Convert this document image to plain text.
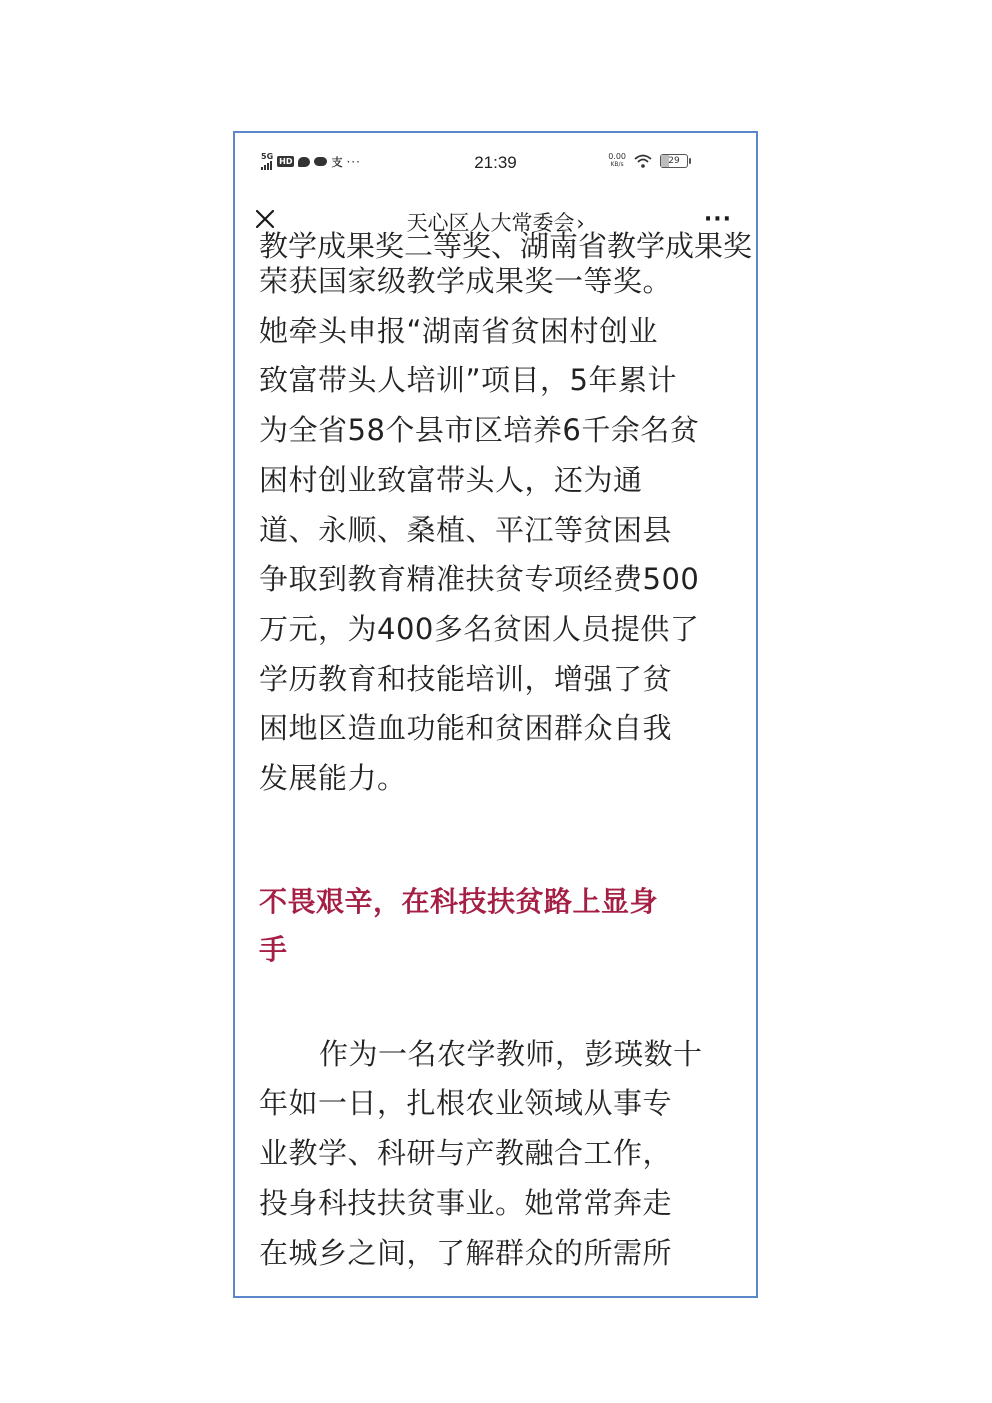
5G
HD	支 ···	21:39	0.00
KB/s	29
天心区人大常委会 ›	···
教学成果奖二等奖、湖南省教学成果奖

荣获国家级教学成果奖一等奖。
她牵头申报“湖南省贫困村创业
致富带头人培训”项目，5年累计
为全省58个县市区培养6千余名贫
困村创业致富带头人，还为通
道、永顺、桑植、平江等贫困县
争取到教育精准扶贫专项经费500
万元，为400多名贫困人员提供了
学历教育和技能培训，增强了贫
困地区造血功能和贫困群众自我
发展能力。

不畏艰辛，在科技扶贫路上显身
手

作为一名农学教师，彭瑛数十
年如一日，扎根农业领域从事专
业教学、科研与产教融合工作，
投身科技扶贫事业。她常常奔走
在城乡之间，了解群众的所需所
